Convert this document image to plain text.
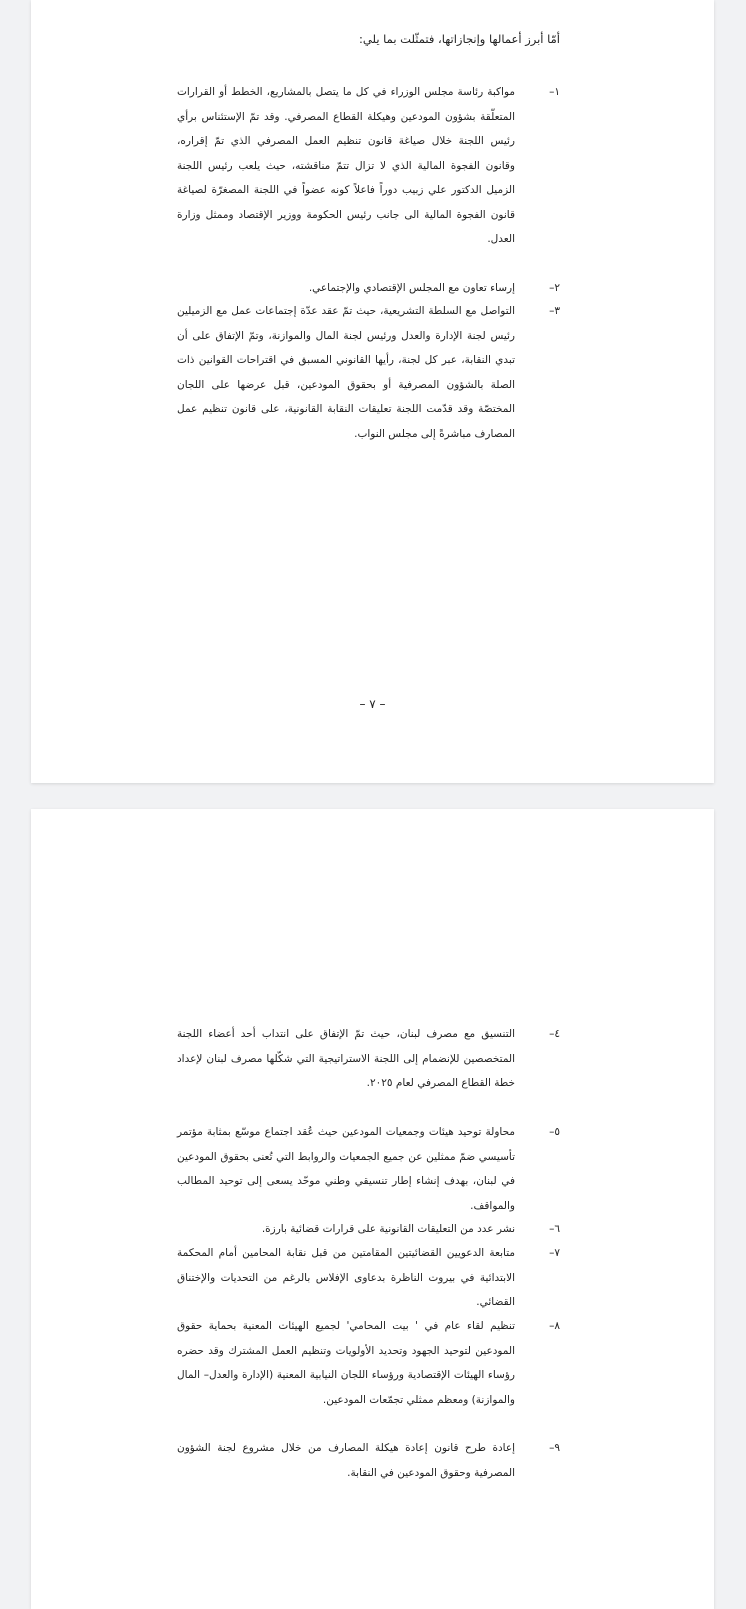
أمّا أبرز أعمالها وإنجازاتها، فتمثّلت بما يلي:
١–
مواكبة رئاسة مجلس الوزراء في كل ما يتصل بالمشاريع، الخطط أو القرارات المتعلّقة بشؤون المودعين وهيكلة القطاع المصرفي. وقد تمّ الإستئناس برأي رئيس اللجنة خلال صياغة قانون تنظيم العمل المصرفي الذي تمّ إقراره، وقانون الفجوة المالية الذي لا تزال تتمّ مناقشته، حيث يلعب رئيس اللجنة الزميل الدكتور علي زبيب دوراً فاعلاً كونه عضواً في اللجنة المصغرّة لصياغة قانون الفجوة المالية الى جانب رئيس الحكومة ووزير الإقتصاد وممثل وزارة العدل.
٢–
إرساء تعاون مع المجلس الإقتصادي والإجتماعي.
٣–
التواصل مع السلطة التشريعية، حيث تمّ عقد عدّة إجتماعات عمل مع الزميلين رئيس لجنة الإدارة والعدل ورئيس لجنة المال والموازنة، وتمّ الإتفاق على أن تبدي النقابة، عبر كل لجنة، رأيها القانوني المسبق في اقتراحات القوانين ذات الصلة بالشؤون المصرفية أو بحقوق المودعين، قبل عرضها على اللجان المختصّة وقد قدّمت اللجنة تعليقات النقابة القانونية، على قانون تنظيم عمل المصارف مباشرةً إلى مجلس النواب.
– ٧ –
٤–
التنسيق مع مصرف لبنان، حيث تمّ الإتفاق على انتداب أحد أعضاء اللجنة المتخصصين للإنضمام إلى اللجنة الاستراتيجية التي شكّلها مصرف لبنان لإعداد خطة القطاع المصرفي لعام ٢٠٢٥.
٥–
محاولة توحيد هيئات وجمعيات المودعين حيث عُقد اجتماع موسّع بمثابة مؤتمر تأسيسي ضمّ ممثلين عن جميع الجمعيات والروابط التي تُعنى بحقوق المودعين في لبنان، بهدف إنشاء إطار تنسيقي وطني موحّد يسعى إلى توحيد المطالب والمواقف.
٦–
نشر عدد من التعليقات القانونية على قرارات قضائية بارزة.
٧–
متابعة الدعويين القضائيتين المقامتين من قبل نقابة المحامين أمام المحكمة الابتدائية في بيروت الناظرة بدعاوى الإفلاس بالرغم من التحديات والإختناق القضائي.
٨–
تنظيم لقاء عام في ' بيت المحامي' لجميع الهيئات المعنية بحماية حقوق المودعين لتوحيد الجهود وتحديد الأولويات وتنظيم العمل المشترك وقد حضره رؤساء الهيئات الإقتصادية ورؤساء اللجان النيابية المعنية (الإدارة والعدل– المال والموازنة) ومعظم ممثلي تجمّعات المودعين.
٩–
إعادة طرح قانون إعادة هيكلة المصارف من خلال مشروع لجنة الشؤون المصرفية وحقوق المودعين في النقابة.
